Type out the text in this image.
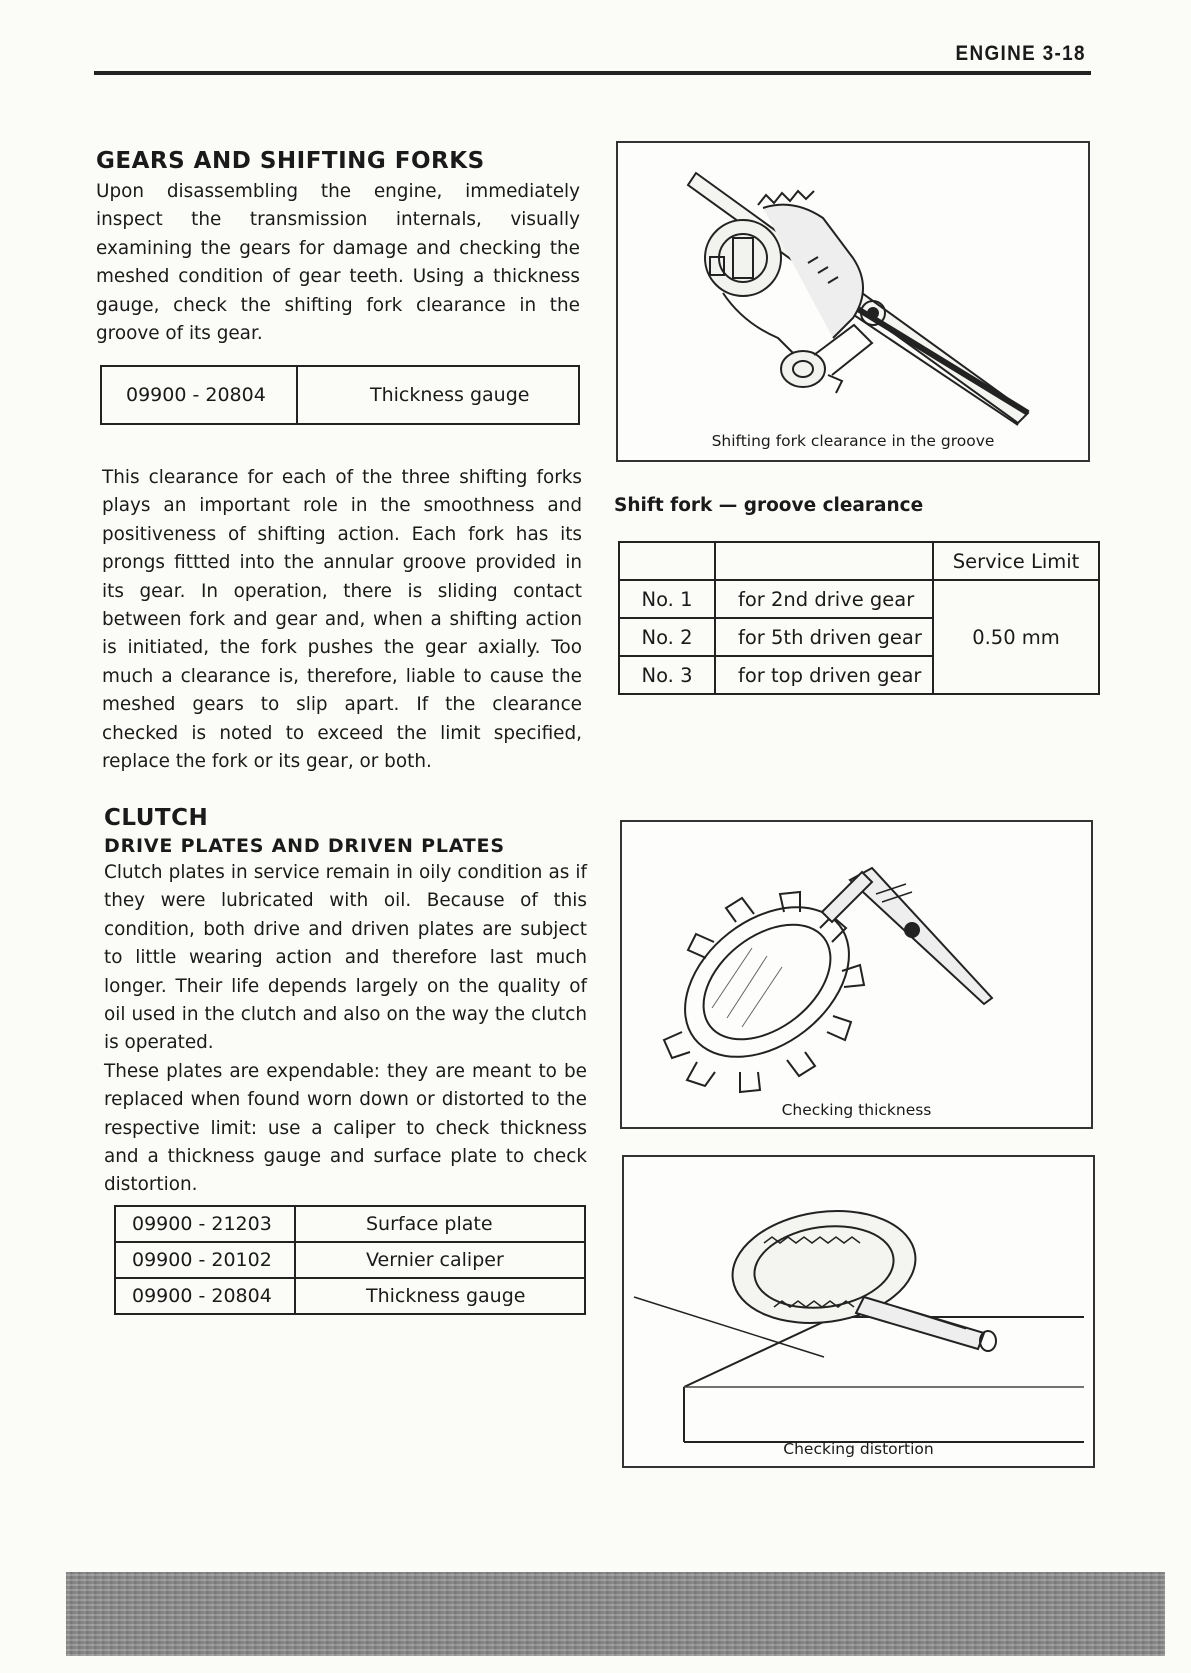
ENGINE 3-18
GEARS AND SHIFTING FORKS

Upon disassembling the engine, immediately inspect the transmission internals, visually examining the gears for damage and checking the meshed condition of gear teeth. Using a thickness gauge, check the shifting fork clearance in the groove of its gear.

09900 - 20804	Thickness gauge

This clearance for each of the three shifting forks plays an important role in the smoothness and positiveness of shifting action. Each fork has its prongs fittted into the annular groove provided in its gear. In operation, there is sliding contact between fork and gear and, when a shifting action is initiated, the fork pushes the gear axially. Too much a clearance is, therefore, liable to cause the meshed gears to slip apart. If the clearance checked is noted to exceed the limit specified, replace the fork or its gear, or both.

Shifting fork clearance in the groove
Shift fork — groove clearance
		Service Limit
No. 1	for 2nd drive gear	0.50 mm
No. 2	for 5th driven gear	
No. 3	for top driven gear	
CLUTCH
DRIVE PLATES AND DRIVEN PLATES

Clutch plates in service remain in oily condition as if they were lubricated with oil. Because of this condition, both drive and driven plates are subject to little wearing action and therefore last much longer. Their life depends largely on the quality of oil used in the clutch and also on the way the clutch is operated.

These plates are expendable: they are meant to be replaced when found worn down or distorted to the respective limit: use a caliper to check thickness and a thickness gauge and surface plate to check distortion.

09900 - 21203	Surface plate
09900 - 20102	Vernier caliper
09900 - 20804	Thickness gauge
Checking thickness
Checking distortion
